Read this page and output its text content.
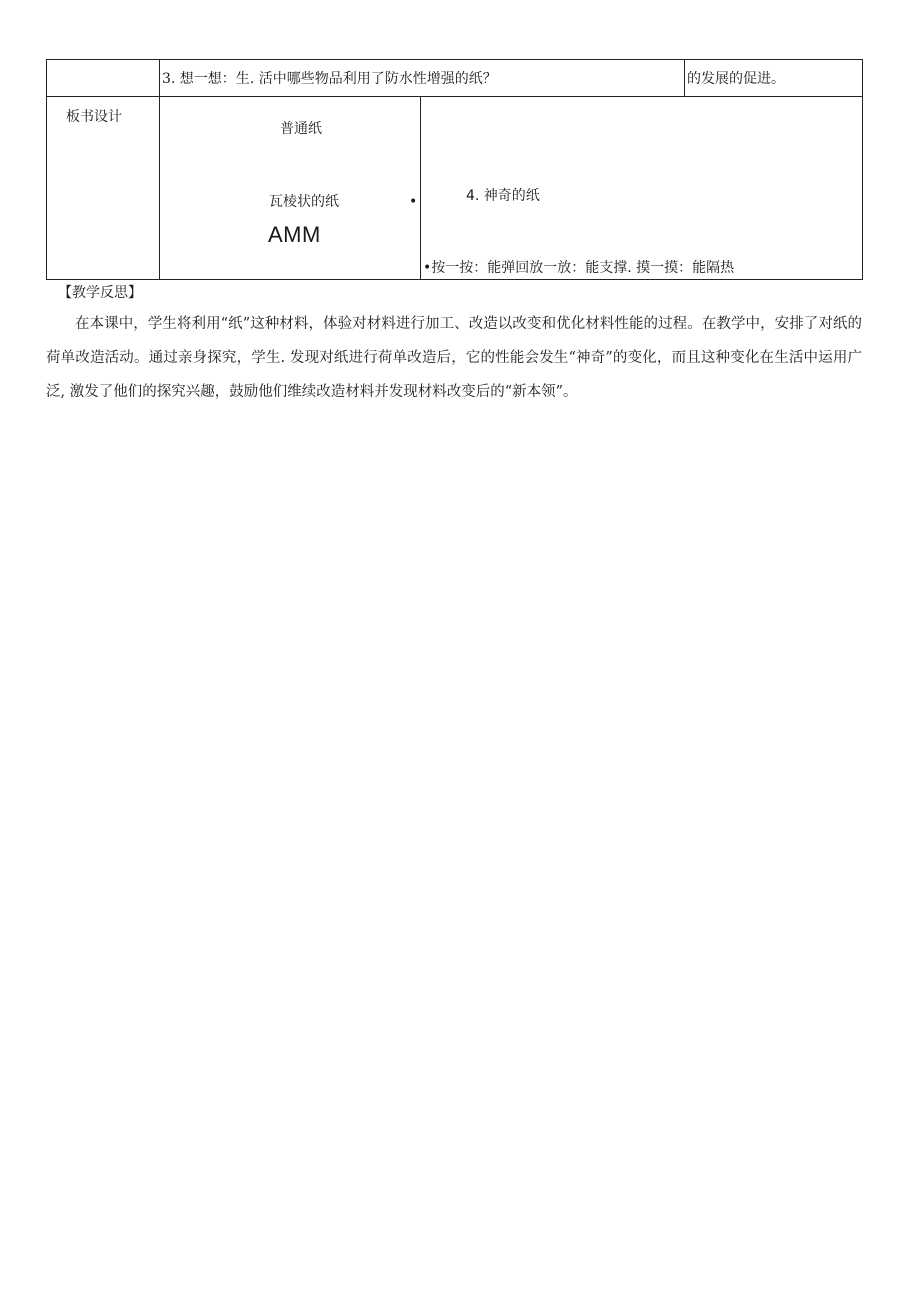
3. 想一想：生. 活中哪些物品利用了防水性增强的纸？	的发展的促进。
板书设计
普通纸
瓦棱状的纸	•
AMM
4. 神奇的纸
•按一按：能弹回放一放：能支撑. 摸一摸：能隔热
【教学反思】
在本课中，学生将利用“纸”这种材料，体验对材料进行加工、改造以改变和优化材料性能的过程。在教学中，安排了对纸的荷单改造活动。通过亲身探究，学生. 发现对纸进行荷单改造后，它的性能会发生“神奇”的变化，而且这种变化在生活中运用广泛, 激发了他们的探究兴趣，鼓励他们维续改造材料并发现材料改变后的“新本领”。
